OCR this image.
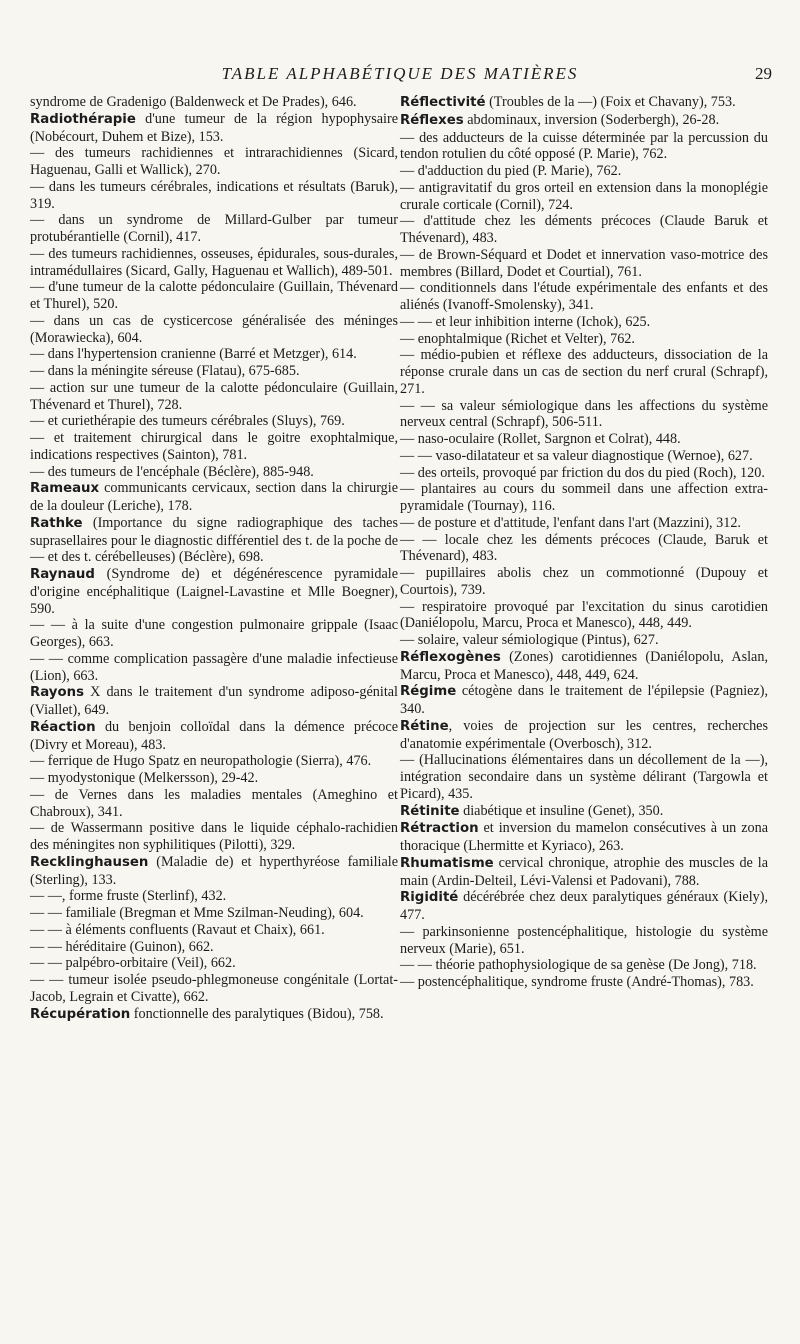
TABLE ALPHABÉTIQUE DES MATIÈRES	29

syndrome de Gradenigo (Baldenweck et De Prades), 646.

Radiothérapie d'une tumeur de la région hypophysaire (Nobécourt, Duhem et Bize), 153.

— des tumeurs rachidiennes et intrarachidiennes (Sicard, Haguenau, Galli et Wallick), 270.

— dans les tumeurs cérébrales, indications et résultats (Baruk), 319.

— dans un syndrome de Millard-Gulber par tumeur protubérantielle (Cornil), 417.

— des tumeurs rachidiennes, osseuses, épidurales, sous-durales, intramédullaires (Sicard, Gally, Haguenau et Wallich), 489-501.

— d'une tumeur de la calotte pédonculaire (Guillain, Thévenard et Thurel), 520.

— dans un cas de cysticercose généralisée des méninges (Morawiecka), 604.

— dans l'hypertension cranienne (Barré et Metzger), 614.

— dans la méningite séreuse (Flatau), 675-685.

— action sur une tumeur de la calotte pédonculaire (Guillain, Thévenard et Thurel), 728.

— et curiethérapie des tumeurs cérébrales (Sluys), 769.

— et traitement chirurgical dans le goitre exophtalmique, indications respectives (Sainton), 781.

— des tumeurs de l'encéphale (Béclère), 885-948.

Rameaux communicants cervicaux, section dans la chirurgie de la douleur (Leriche), 178.

Rathke (Importance du signe radiographique des taches suprasellaires pour le diagnostic différentiel des t. de la poche de — et des t. cérébelleuses) (Béclère), 698.

Raynaud (Syndrome de) et dégénérescence pyramidale d'origine encéphalitique (Laignel-Lavastine et Mlle Boegner), 590.

— — à la suite d'une congestion pulmonaire grippale (Isaac Georges), 663.

— — comme complication passagère d'une maladie infectieuse (Lion), 663.

Rayons X dans le traitement d'un syndrome adiposo-génital (Viallet), 649.

Réaction du benjoin colloïdal dans la démence précoce (Divry et Moreau), 483.

— ferrique de Hugo Spatz en neuropathologie (Sierra), 476.

— myodystonique (Melkersson), 29-42.

— de Vernes dans les maladies mentales (Ameghino et Chabroux), 341.

— de Wassermann positive dans le liquide céphalo-rachidien des méningites non syphilitiques (Pilotti), 329.

Recklinghausen (Maladie de) et hyperthyréose familiale (Sterling), 133.

— —, forme fruste (Sterlinf), 432.

— — familiale (Bregman et Mme Szilman-Neuding), 604.

— — à éléments confluents (Ravaut et Chaix), 661.

— — héréditaire (Guinon), 662.

— — palpébro-orbitaire (Veil), 662.

— — tumeur isolée pseudo-phlegmoneuse congénitale (Lortat-Jacob, Legrain et Civatte), 662.

Récupération fonctionnelle des paralytiques (Bidou), 758.

Réflectivité (Troubles de la —) (Foix et Chavany), 753.

Réflexes abdominaux, inversion (Soderbergh), 26-28.

— des adducteurs de la cuisse déterminée par la percussion du tendon rotulien du côté opposé (P. Marie), 762.

— d'adduction du pied (P. Marie), 762.

— antigravitatif du gros orteil en extension dans la monoplégie crurale corticale (Cornil), 724.

— d'attitude chez les déments précoces (Claude Baruk et Thévenard), 483.

— de Brown-Séquard et Dodet et innervation vaso-motrice des membres (Billard, Dodet et Courtial), 761.

— conditionnels dans l'étude expérimentale des enfants et des aliénés (Ivanoff-Smolensky), 341.

— — et leur inhibition interne (Ichok), 625.

— enophtalmique (Richet et Velter), 762.

— médio-pubien et réflexe des adducteurs, dissociation de la réponse crurale dans un cas de section du nerf crural (Schrapf), 271.

— — sa valeur sémiologique dans les affections du système nerveux central (Schrapf), 506-511.

— naso-oculaire (Rollet, Sargnon et Colrat), 448.

— — vaso-dilatateur et sa valeur diagnostique (Wernoe), 627.

— des orteils, provoqué par friction du dos du pied (Roch), 120.

— plantaires au cours du sommeil dans une affection extra-pyramidale (Tournay), 116.

— de posture et d'attitude, l'enfant dans l'art (Mazzini), 312.

— — locale chez les déments précoces (Claude, Baruk et Thévenard), 483.

— pupillaires abolis chez un commotionné (Dupouy et Courtois), 739.

— respiratoire provoqué par l'excitation du sinus carotidien (Daniélopolu, Marcu, Proca et Manesco), 448, 449.

— solaire, valeur sémiologique (Pintus), 627.

Réflexogènes (Zones) carotidiennes (Daniélopolu, Aslan, Marcu, Proca et Manesco), 448, 449, 624.

Régime cétogène dans le traitement de l'épilepsie (Pagniez), 340.

Rétine, voies de projection sur les centres, recherches d'anatomie expérimentale (Overbosch), 312.

— (Hallucinations élémentaires dans un décollement de la —), intégration secondaire dans un système délirant (Targowla et Picard), 435.

Rétinite diabétique et insuline (Genet), 350.

Rétraction et inversion du mamelon consécutives à un zona thoracique (Lhermitte et Kyriaco), 263.

Rhumatisme cervical chronique, atrophie des muscles de la main (Ardin-Delteil, Lévi-Valensi et Padovani), 788.

Rigidité décérébrée chez deux paralytiques généraux (Kiely), 477.

— parkinsonienne postencéphalitique, histologie du système nerveux (Marie), 651.

— — théorie pathophysiologique de sa genèse (De Jong), 718.

— postencéphalitique, syndrome fruste (André-Thomas), 783.
